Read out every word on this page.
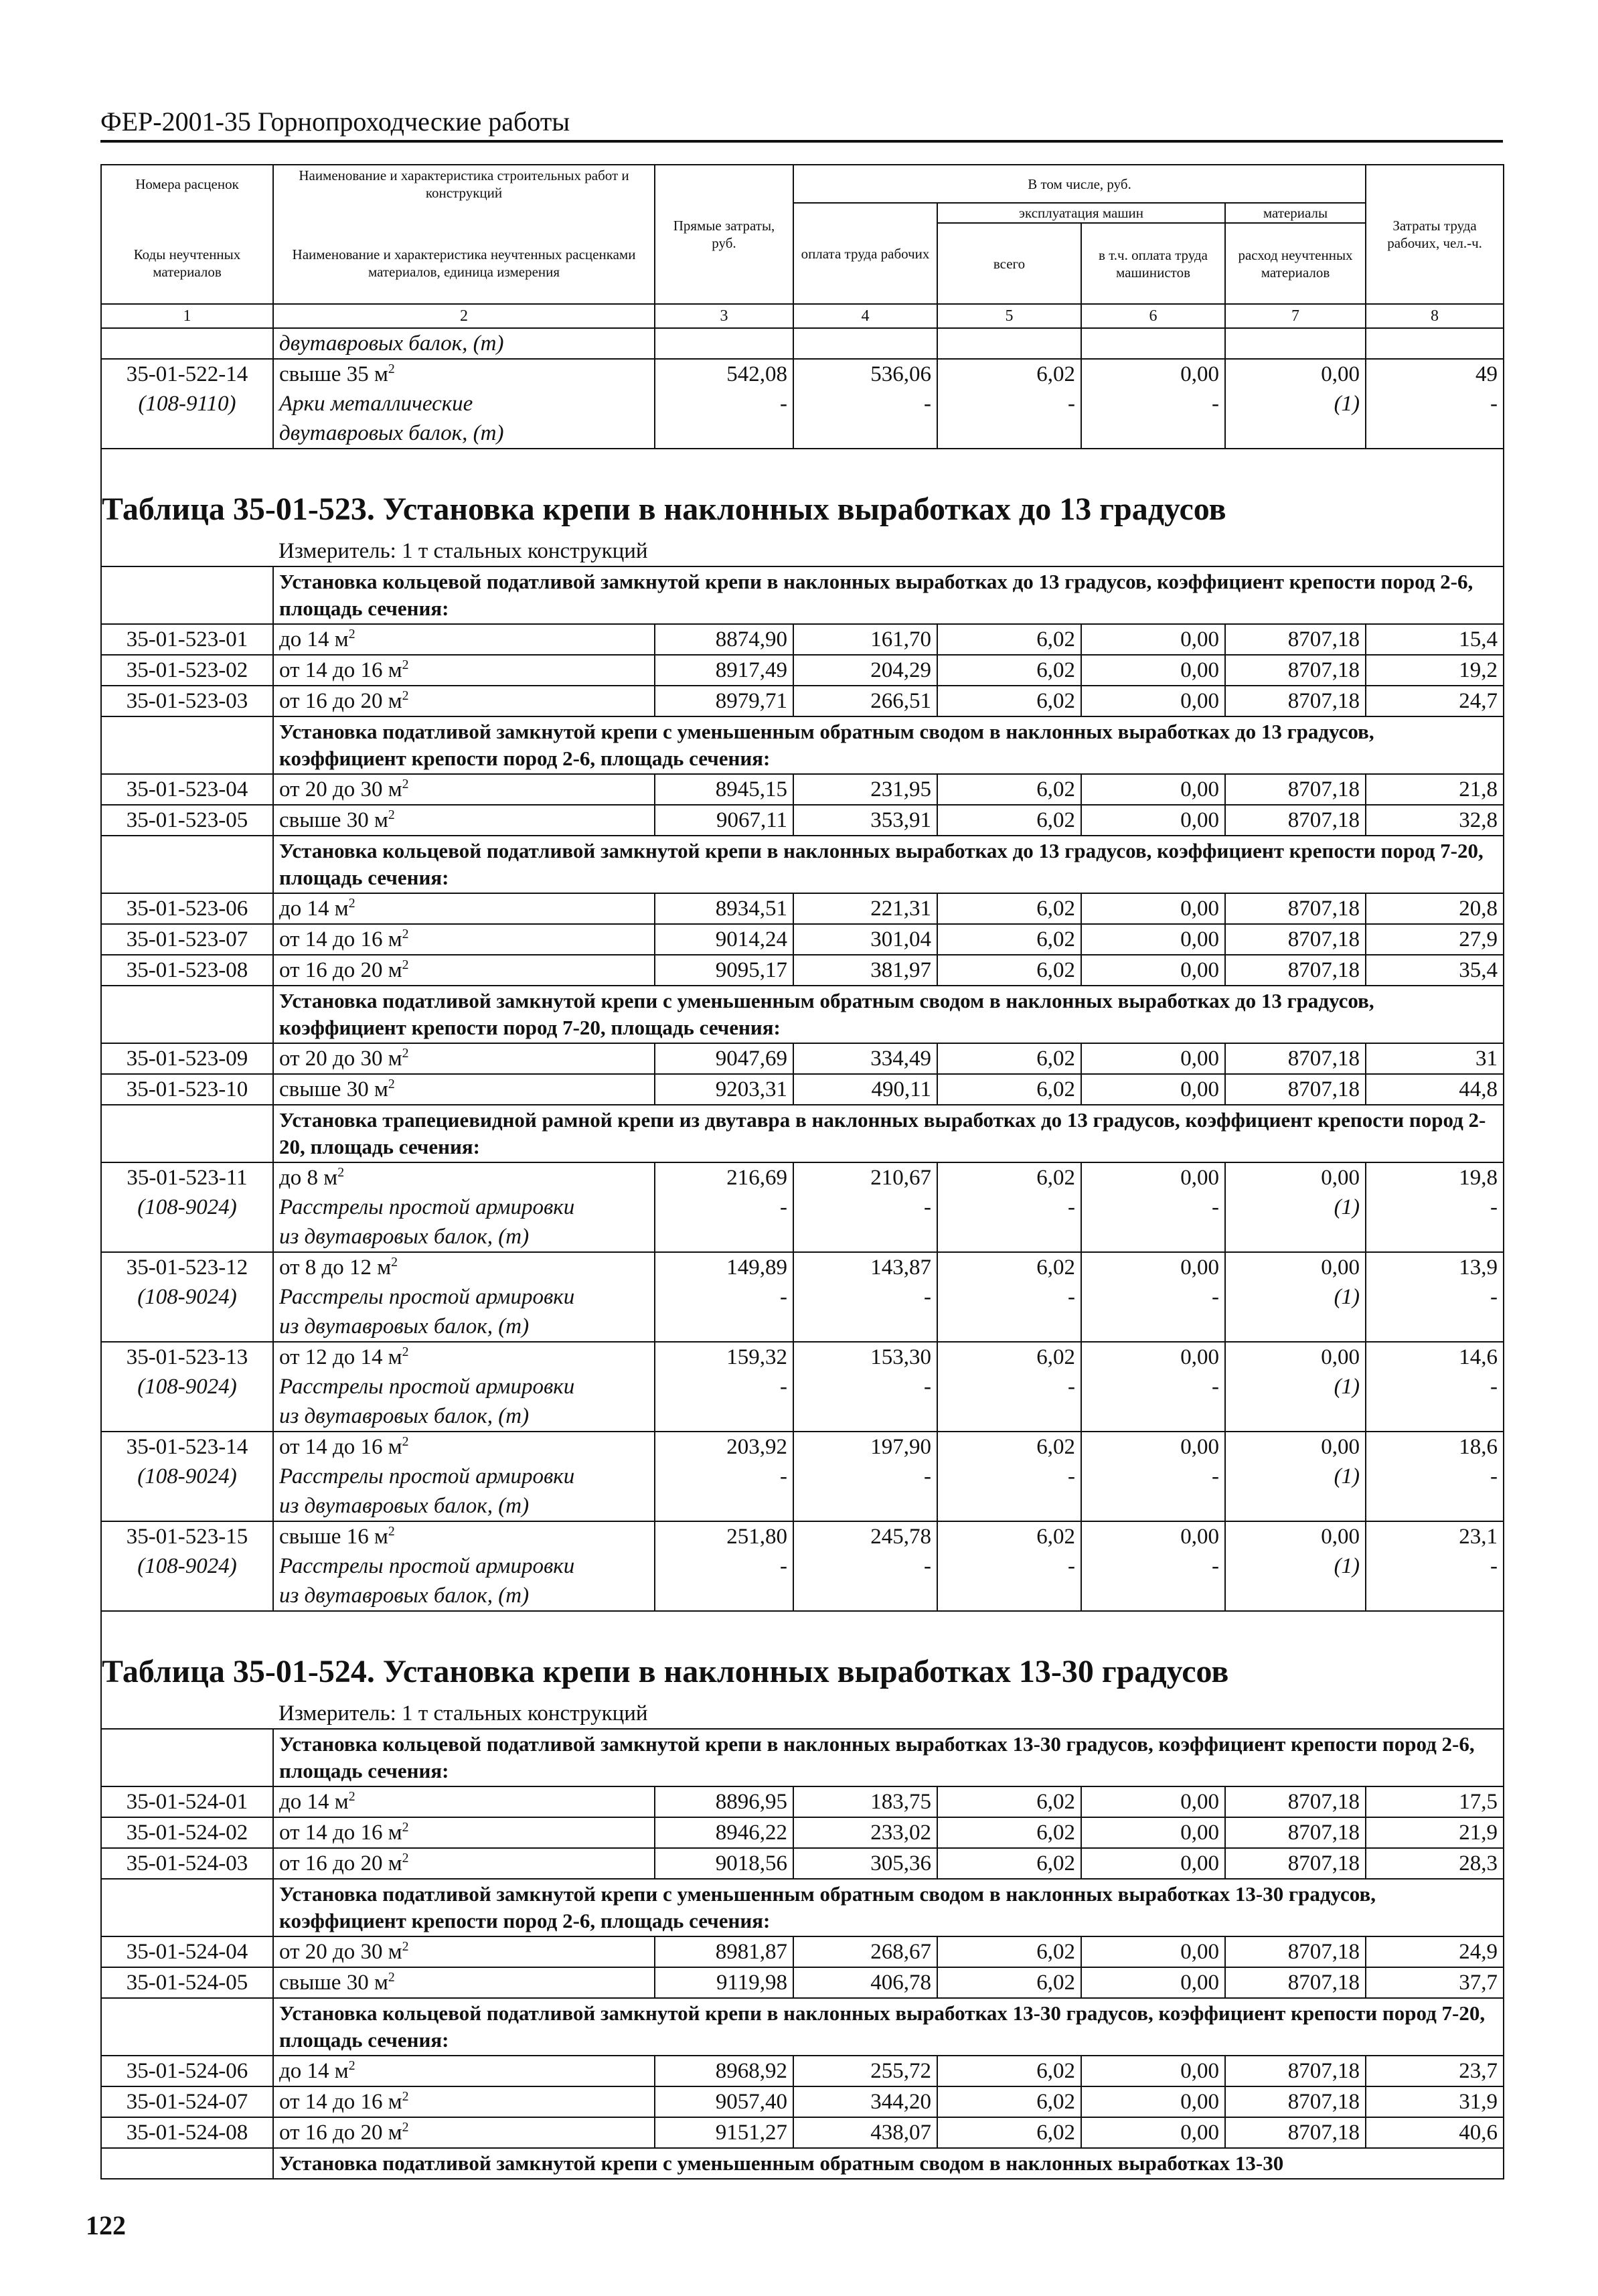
ФЕР-2001-35 Горнопроходческие работы
Номера расценок	Наименование и характеристика строительных работ и конструкций	Прямые затраты, руб.	В том числе, руб.				Затраты труда рабочих, чел.-ч.
			оплата труда рабочих	эксплуатация машин		материалы	
Коды неучтенных материалов	Наименование и характеристика неучтенных расценками материалов, единица измерения			всего	в т.ч. оплата труда машинистов	расход неучтенных материалов	

1	2	3	4	5	6	7	8
	двутавровых балок, (т)						
35-01-522-14	свыше 35 $м^2$	542,08	536,06	6,02	0,00	0,00	49
(108-9110)	Арки металлические	-	-	-	-	(1)	-
	двутавровых балок, (т)						
Таблица 35-01-523. Установка крепи в наклонных выработках до 13 градусов							
	Измеритель: 1 т стальных конструкций						
	Установка кольцевой податливой замкнутой крепи в наклонных выработках до 13 градусов, коэффициент крепости пород 2-6, площадь сечения:						
35-01-523-01	до 14 $м^2$	8874,90	161,70	6,02	0,00	8707,18	15,4
35-01-523-02	от 14 до 16 $м^2$	8917,49	204,29	6,02	0,00	8707,18	19,2
35-01-523-03	от 16 до 20 $м^2$	8979,71	266,51	6,02	0,00	8707,18	24,7
	Установка податливой замкнутой крепи с уменьшенным обратным сводом в наклонных выработках до 13 градусов, коэффициент крепости пород 2-6, площадь сечения:						
35-01-523-04	от 20 до 30 $м^2$	8945,15	231,95	6,02	0,00	8707,18	21,8
35-01-523-05	свыше 30 $м^2$	9067,11	353,91	6,02	0,00	8707,18	32,8
	Установка кольцевой податливой замкнутой крепи в наклонных выработках до 13 градусов, коэффициент крепости пород 7-20, площадь сечения:						
35-01-523-06	до 14 $м^2$	8934,51	221,31	6,02	0,00	8707,18	20,8
35-01-523-07	от 14 до 16 $м^2$	9014,24	301,04	6,02	0,00	8707,18	27,9
35-01-523-08	от 16 до 20 $м^2$	9095,17	381,97	6,02	0,00	8707,18	35,4
	Установка податливой замкнутой крепи с уменьшенным обратным сводом в наклонных выработках до 13 градусов, коэффициент крепости пород 7-20, площадь сечения:						
35-01-523-09	от 20 до 30 $м^2$	9047,69	334,49	6,02	0,00	8707,18	31
35-01-523-10	свыше 30 $м^2$	9203,31	490,11	6,02	0,00	8707,18	44,8
	Установка трапециевидной рамной крепи из двутавра в наклонных выработках до 13 градусов, коэффициент крепости пород 2-20, площадь сечения:						
35-01-523-11	до 8 $м^2$	216,69	210,67	6,02	0,00	0,00	19,8
(108-9024)	Расстрелы простой армировки	-	-	-	-	(1)	-
	из двутавровых балок, (т)						
35-01-523-12	от 8 до 12 $м^2$	149,89	143,87	6,02	0,00	0,00	13,9
(108-9024)	Расстрелы простой армировки	-	-	-	-	(1)	-
	из двутавровых балок, (т)						
35-01-523-13	от 12 до 14 $м^2$	159,32	153,30	6,02	0,00	0,00	14,6
(108-9024)	Расстрелы простой армировки	-	-	-	-	(1)	-
	из двутавровых балок, (т)						
35-01-523-14	от 14 до 16 $м^2$	203,92	197,90	6,02	0,00	0,00	18,6
(108-9024)	Расстрелы простой армировки	-	-	-	-	(1)	-
	из двутавровых балок, (т)						
35-01-523-15	свыше 16 $м^2$	251,80	245,78	6,02	0,00	0,00	23,1
(108-9024)	Расстрелы простой армировки	-	-	-	-	(1)	-
	из двутавровых балок, (т)						
Таблица 35-01-524. Установка крепи в наклонных выработках 13-30 градусов							
	Измеритель: 1 т стальных конструкций						
	Установка кольцевой податливой замкнутой крепи в наклонных выработках 13-30 градусов, коэффициент крепости пород 2-6, площадь сечения:						
35-01-524-01	до 14 $м^2$	8896,95	183,75	6,02	0,00	8707,18	17,5
35-01-524-02	от 14 до 16 $м^2$	8946,22	233,02	6,02	0,00	8707,18	21,9
35-01-524-03	от 16 до 20 $м^2$	9018,56	305,36	6,02	0,00	8707,18	28,3
	Установка податливой замкнутой крепи с уменьшенным обратным сводом в наклонных выработках 13-30 градусов, коэффициент крепости пород 2-6, площадь сечения:						
35-01-524-04	от 20 до 30 $м^2$	8981,87	268,67	6,02	0,00	8707,18	24,9
35-01-524-05	свыше 30 $м^2$	9119,98	406,78	6,02	0,00	8707,18	37,7
	Установка кольцевой податливой замкнутой крепи в наклонных выработках 13-30 градусов, коэффициент крепости пород 7-20, площадь сечения:						
35-01-524-06	до 14 $м^2$	8968,92	255,72	6,02	0,00	8707,18	23,7
35-01-524-07	от 14 до 16 $м^2$	9057,40	344,20	6,02	0,00	8707,18	31,9
35-01-524-08	от 16 до 20 $м^2$	9151,27	438,07	6,02	0,00	8707,18	40,6
	Установка податливой замкнутой крепи с уменьшенным обратным сводом в наклонных выработках 13-30						
122
